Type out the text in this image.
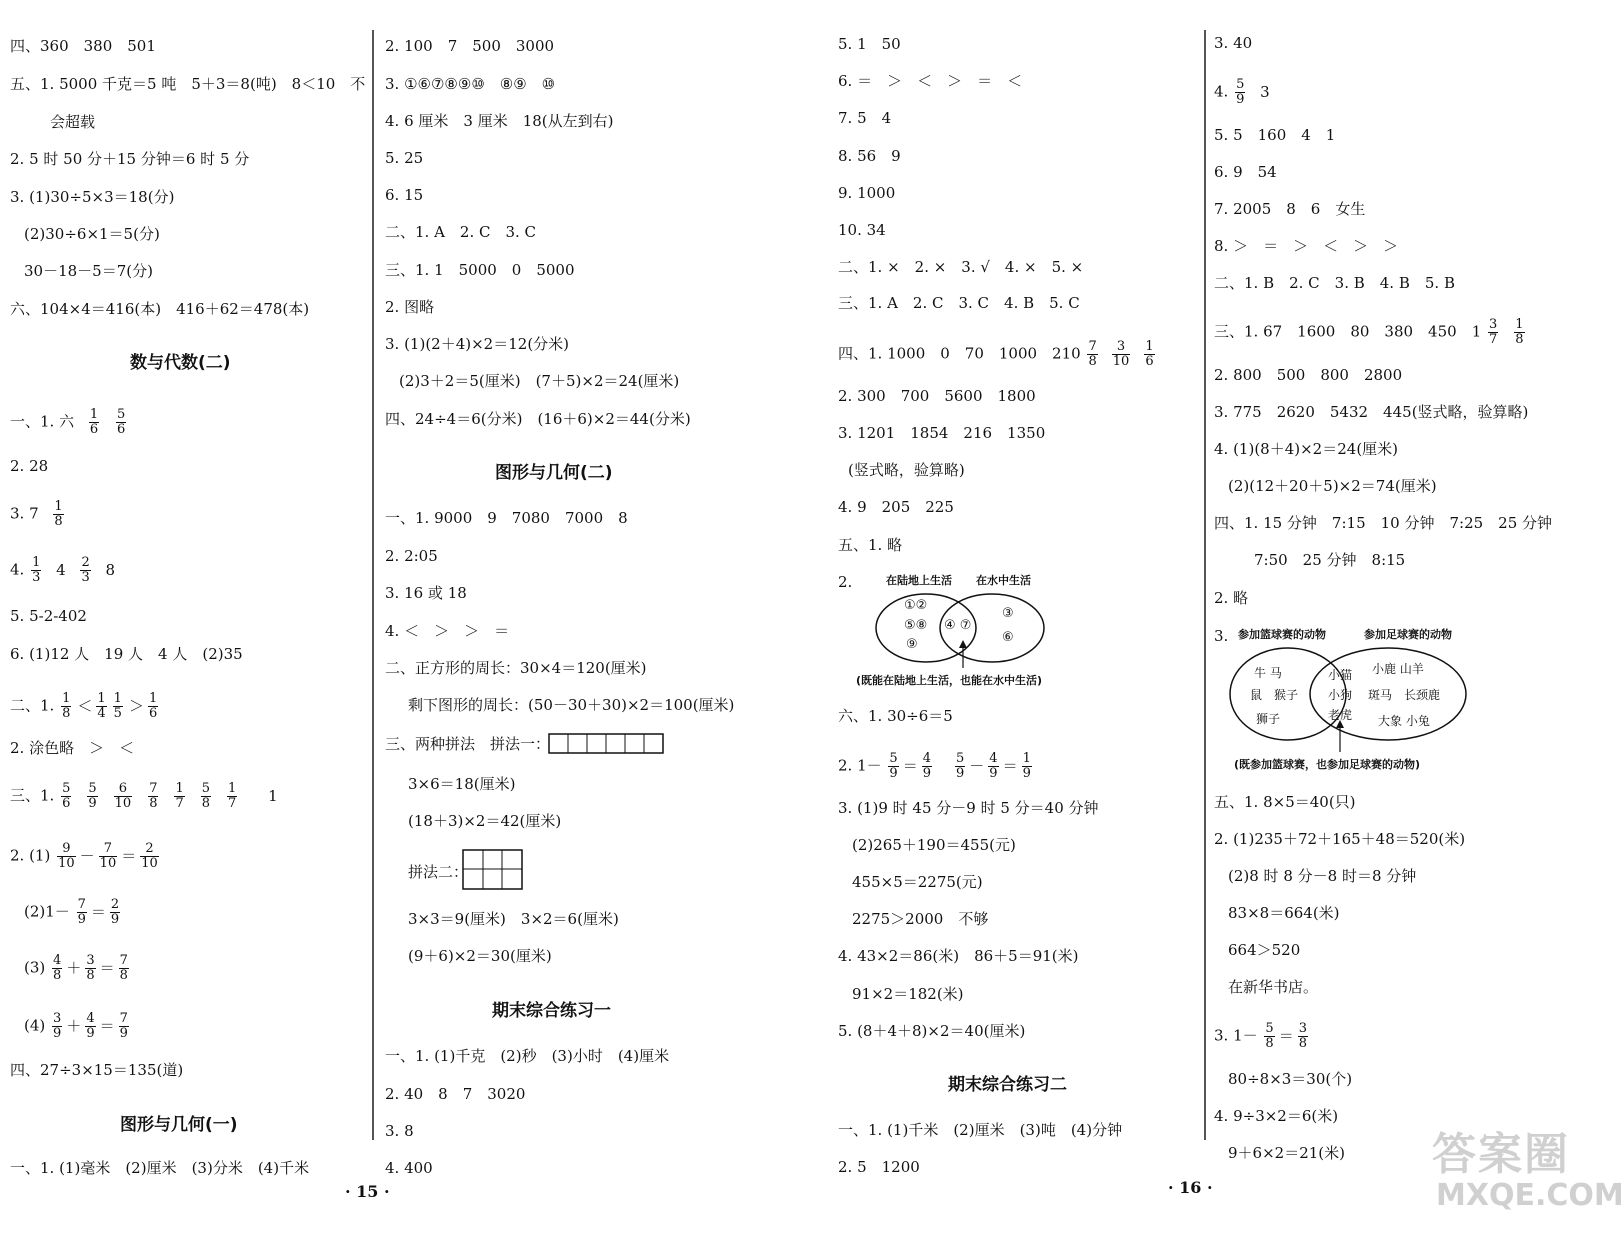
四、360　380　501
五、1. 5000 千克＝5 吨　5＋3＝8(吨)　8＜10　不
会超载
2. 5 时 50 分＋15 分钟＝6 时 5 分
3. (1)30÷5×3＝18(分)
(2)30÷6×1＝5(分)
30－18－5＝7(分)
六、104×4＝416(本)　416＋62＝478(本)
数与代数(二)
一、1. 六 $\frac{1}{6}$
$\frac{5}{6}$
2. 28
3. $7 \frac{1}{8}$
4. $\frac{1}{3} 4 \frac{2}{3} 8$
5. 5-2-402
6. (1)12 人　19 人　4 人　(2)35
二、1. $\frac{1}{8} < \frac{1}{4} \frac{1}{5} > \frac{1}{6}$
2. 涂色略　＞　＜
三、1. $\frac{5}{6} \frac{5}{9} \frac{6}{10} \frac{7}{8} \frac{1}{7} \frac{5}{8} \frac{1}{7} 1$
2. $(1) \frac{9}{10} - \frac{7}{10} = \frac{2}{10}$
$(2)1- \frac{7}{9} = \frac{2}{9}$
$(3) \frac{4}{8} + \frac{3}{8} = \frac{7}{8}$
$(4) \frac{3}{9} + \frac{4}{9} = \frac{7}{9}$
四、27÷3×15＝135(道)
图形与几何(一)
一、1. (1)毫米　(2)厘米　(3)分米　(4)千米
2. 100　7　500　3000
3. ①⑥⑦⑧⑨⑩　⑧⑨　⑩
4. 6 厘米　3 厘米　18(从左到右)
5. 25
6. 15
二、1. A　2. C　3. C
三、1. 1　5000　0　5000
2. 图略
3. (1)(2＋4)×2＝12(分米)
(2)3＋2＝5(厘米)　(7＋5)×2＝24(厘米)
四、24÷4＝6(分米)　(16＋6)×2＝44(分米)
图形与几何(二)
一、1. 9000　9　7080　7000　8
2. 2:05
3. 16 或 18
4. ＜　＞　＞　＝
二、正方形的周长：30×4＝120(厘米)
剩下图形的周长：(50－30＋30)×2＝100(厘米)
三、两种拼法　拼法一：
3×6＝18(厘米)
(18＋3)×2＝42(厘米)
拼法二：
3×3＝9(厘米)　3×2＝6(厘米)
(9＋6)×2＝30(厘米)
期末综合练习一
一、1. (1)千克　(2)秒　(3)小时　(4)厘米
2. 40　8　7　3020
3. 8
4. 400
· 15 ·
5. 1　50
6. ＝　＞　＜　＞　＝　＜
7. 5　4
8. 56　9
9. 1000
10. 34
二、1. ×　2. ×　3. √　4. ×　5. ×
三、1. A　2. C　3. C　4. B　5. C
四、1. 1000　0　70　1000　$210 \frac{7}{8} \frac{3}{10} \frac{1}{6}$
2. 300　700　5600　1800
3. 1201　1854　216　1350
(竖式略，验算略)
4. 9　205　225
五、1. 略
2.	在陆地上生活 在水中生活
①②
⑤⑧
⑨
④ ⑦
③
⑥
(既能在陆地上生活，也能在水中生活)
六、1. 30÷6＝5
2. $1- \frac{5}{9} = \frac{4}{9}$
　 $\frac{5}{9} - \frac{4}{9} = \frac{1}{9}$
3. (1)9 时 45 分－9 时 5 分＝40 分钟
(2)265＋190＝455(元)
455×5＝2275(元)
2275＞2000　不够
4. 43×2＝86(米)　86＋5＝91(米)
91×2＝182(米)
5. (8＋4＋8)×2＝40(厘米)
期末综合练习二
一、1. (1)千米　(2)厘米　(3)吨　(4)分钟
2. 5　1200
3. 40
4. $\frac{5}{9} 3$
5. 5　160　4　1
6. 9　54
7. 2005　8　6　女生
8. ＞　＝　＞　＜　＞　＞
二、1. B　2. C　3. B　4. B　5. B
三、1. 67　1600　80　380　450　$1 \frac{3}{7} \frac{1}{8}$
2. 800　500　800　2800
3. 775　2620　5432　445(竖式略，验算略)
4. (1)(8＋4)×2＝24(厘米)
(2)(12＋20＋5)×2＝74(厘米)
四、1. 15 分钟　7:15　10 分钟　7:25　25 分钟
7:50　25 分钟　8:15
2. 略
3. 参加篮球赛的动物	参加足球赛的动物
牛 马
鼠　猴子
狮子
小猫
小狗
老虎
小鹿 山羊
斑马　长颈鹿
大象 小兔
(既参加篮球赛，也参加足球赛的动物)
五、1. 8×5＝40(只)
2. (1)235＋72＋165＋48＝520(米)
(2)8 时 8 分－8 时＝8 分钟
83×8＝664(米)
664＞520
在新华书店。
3. $1- \frac{5}{8} = \frac{3}{8}$
80÷8×3＝30(个)
4. 9÷3×2＝6(米)
9＋6×2＝21(米)
· 16 ·
答案圈
MXQE.COM
